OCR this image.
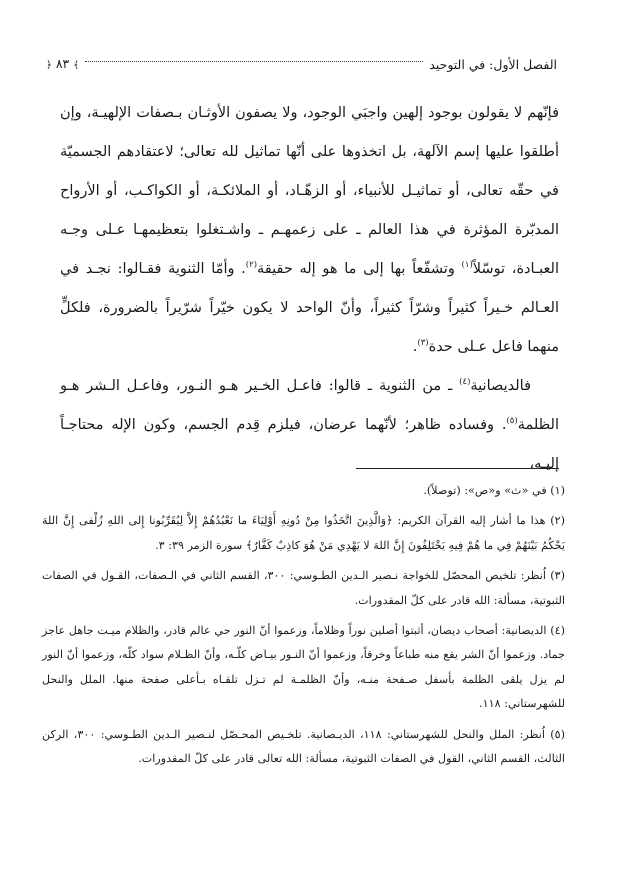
الفصل الأول: في التوحيد
﴾ ٨٣ ﴿

فإنّهم لا يقولون بوجود إلهين واجبَي الوجود، ولا يصفون الأوثـان بـصفات الإلهيـة، وإن أطلقوا عليها إسم الآلهة، بل اتخذوها على أنّها تماثيل لله تعالى؛ لاعتقادهم الجسميّة في حقّه تعالى، أو تماثيـل للأنبياء، أو الزهّـاد، أو الملائكـة، أو الكواكـب، أو الأرواح المدبّرة المؤثرة في هذا العالم ـ على زعمهـم ـ واشـتغلوا بتعظيمهـا عـلى وجـه العبـادة، توسّلاً$^{(١)}$ وتشفّعاً بها إلى ما هو إله حقيقة$^{(٢)}$. وأمّا الثنوية فقـالوا: نجـد في العـالم خـيراً كثيراً وشرّاً كثيراً، وأنّ الواحد لا يكون خيّراً شرّيراً بالضرورة، فلكلٍّ منهما فاعل عـلى حدة$^{(٣)}$.

فالديصانية$^{(٤)}$ ـ من الثنوية ـ قالوا: فاعـل الخـير هـو النـور، وفاعـل الـشر هـو الظلمة$^{(٥)}$. وفساده ظاهر؛ لأنّهما عرضان، فيلزم قِدم الجسم، وكون الإله محتاجـاً إليـه،

(١) في «ث» و«ص»: (توصلاً).

(٢) هذا ما أشار إليه القرآن الكريم: ﴿وَالَّذِينَ اتَّخَذُوا مِنْ دُونِهِ أَوْلِيَاءَ ما نَعْبُدُهُمْ إِلاَّ لِيُقَرِّبُونا إِلى اللهِ زُلْفى إِنَّ اللهَ يَحْكُمُ بَيْنَهُمْ فِي ما هُمْ فِيهِ يَخْتَلِفُونَ إِنَّ اللهَ لا يَهْدِي مَنْ هُوَ كاذِبٌ كَفَّارٌ﴾ سورة الزمر ٣٩: ٣.

(٣) اُنظر: تلخيص المحصّل للخواجة نـصير الـدين الطـوسي: ٣٠٠، القسم الثاني في الـصفات، القـول في الصفات الثبوتية، مسألة: الله قادر على كلّ المقدورات.

(٤) الديصانية: أصحاب ديصان، أثبتوا أصلين نوراً وظلاماً، وزعموا أنّ النور حي عالم قادر، والظلام ميـت جاهل عاجز جماد. وزعموا أنّ الشر يقع منه طباعاً وخرقاً، وزعموا أنّ النـور بيـاض كلّـه، وأنّ الظـلام سواد كلّه، وزعموا أنّ النور لم يزل يلقى الظلمة بأسفل صـفحة منـه، وأنّ الظلمـة لم تـزل تلقـاه بـأعلى صفحة منها. الملل والنحل للشهرستاني: ١١٨.

(٥) اُنظر: الملل والنحل للشهرستاني: ١١٨، الديـصانية. تلخـيص المحـصّل لنـصير الـدين الطـوسي: ٣٠٠، الركن الثالث، القسم الثاني، القول في الصفات الثبوتية، مسألة: الله تعالى قادر على كلّ المقدورات.
